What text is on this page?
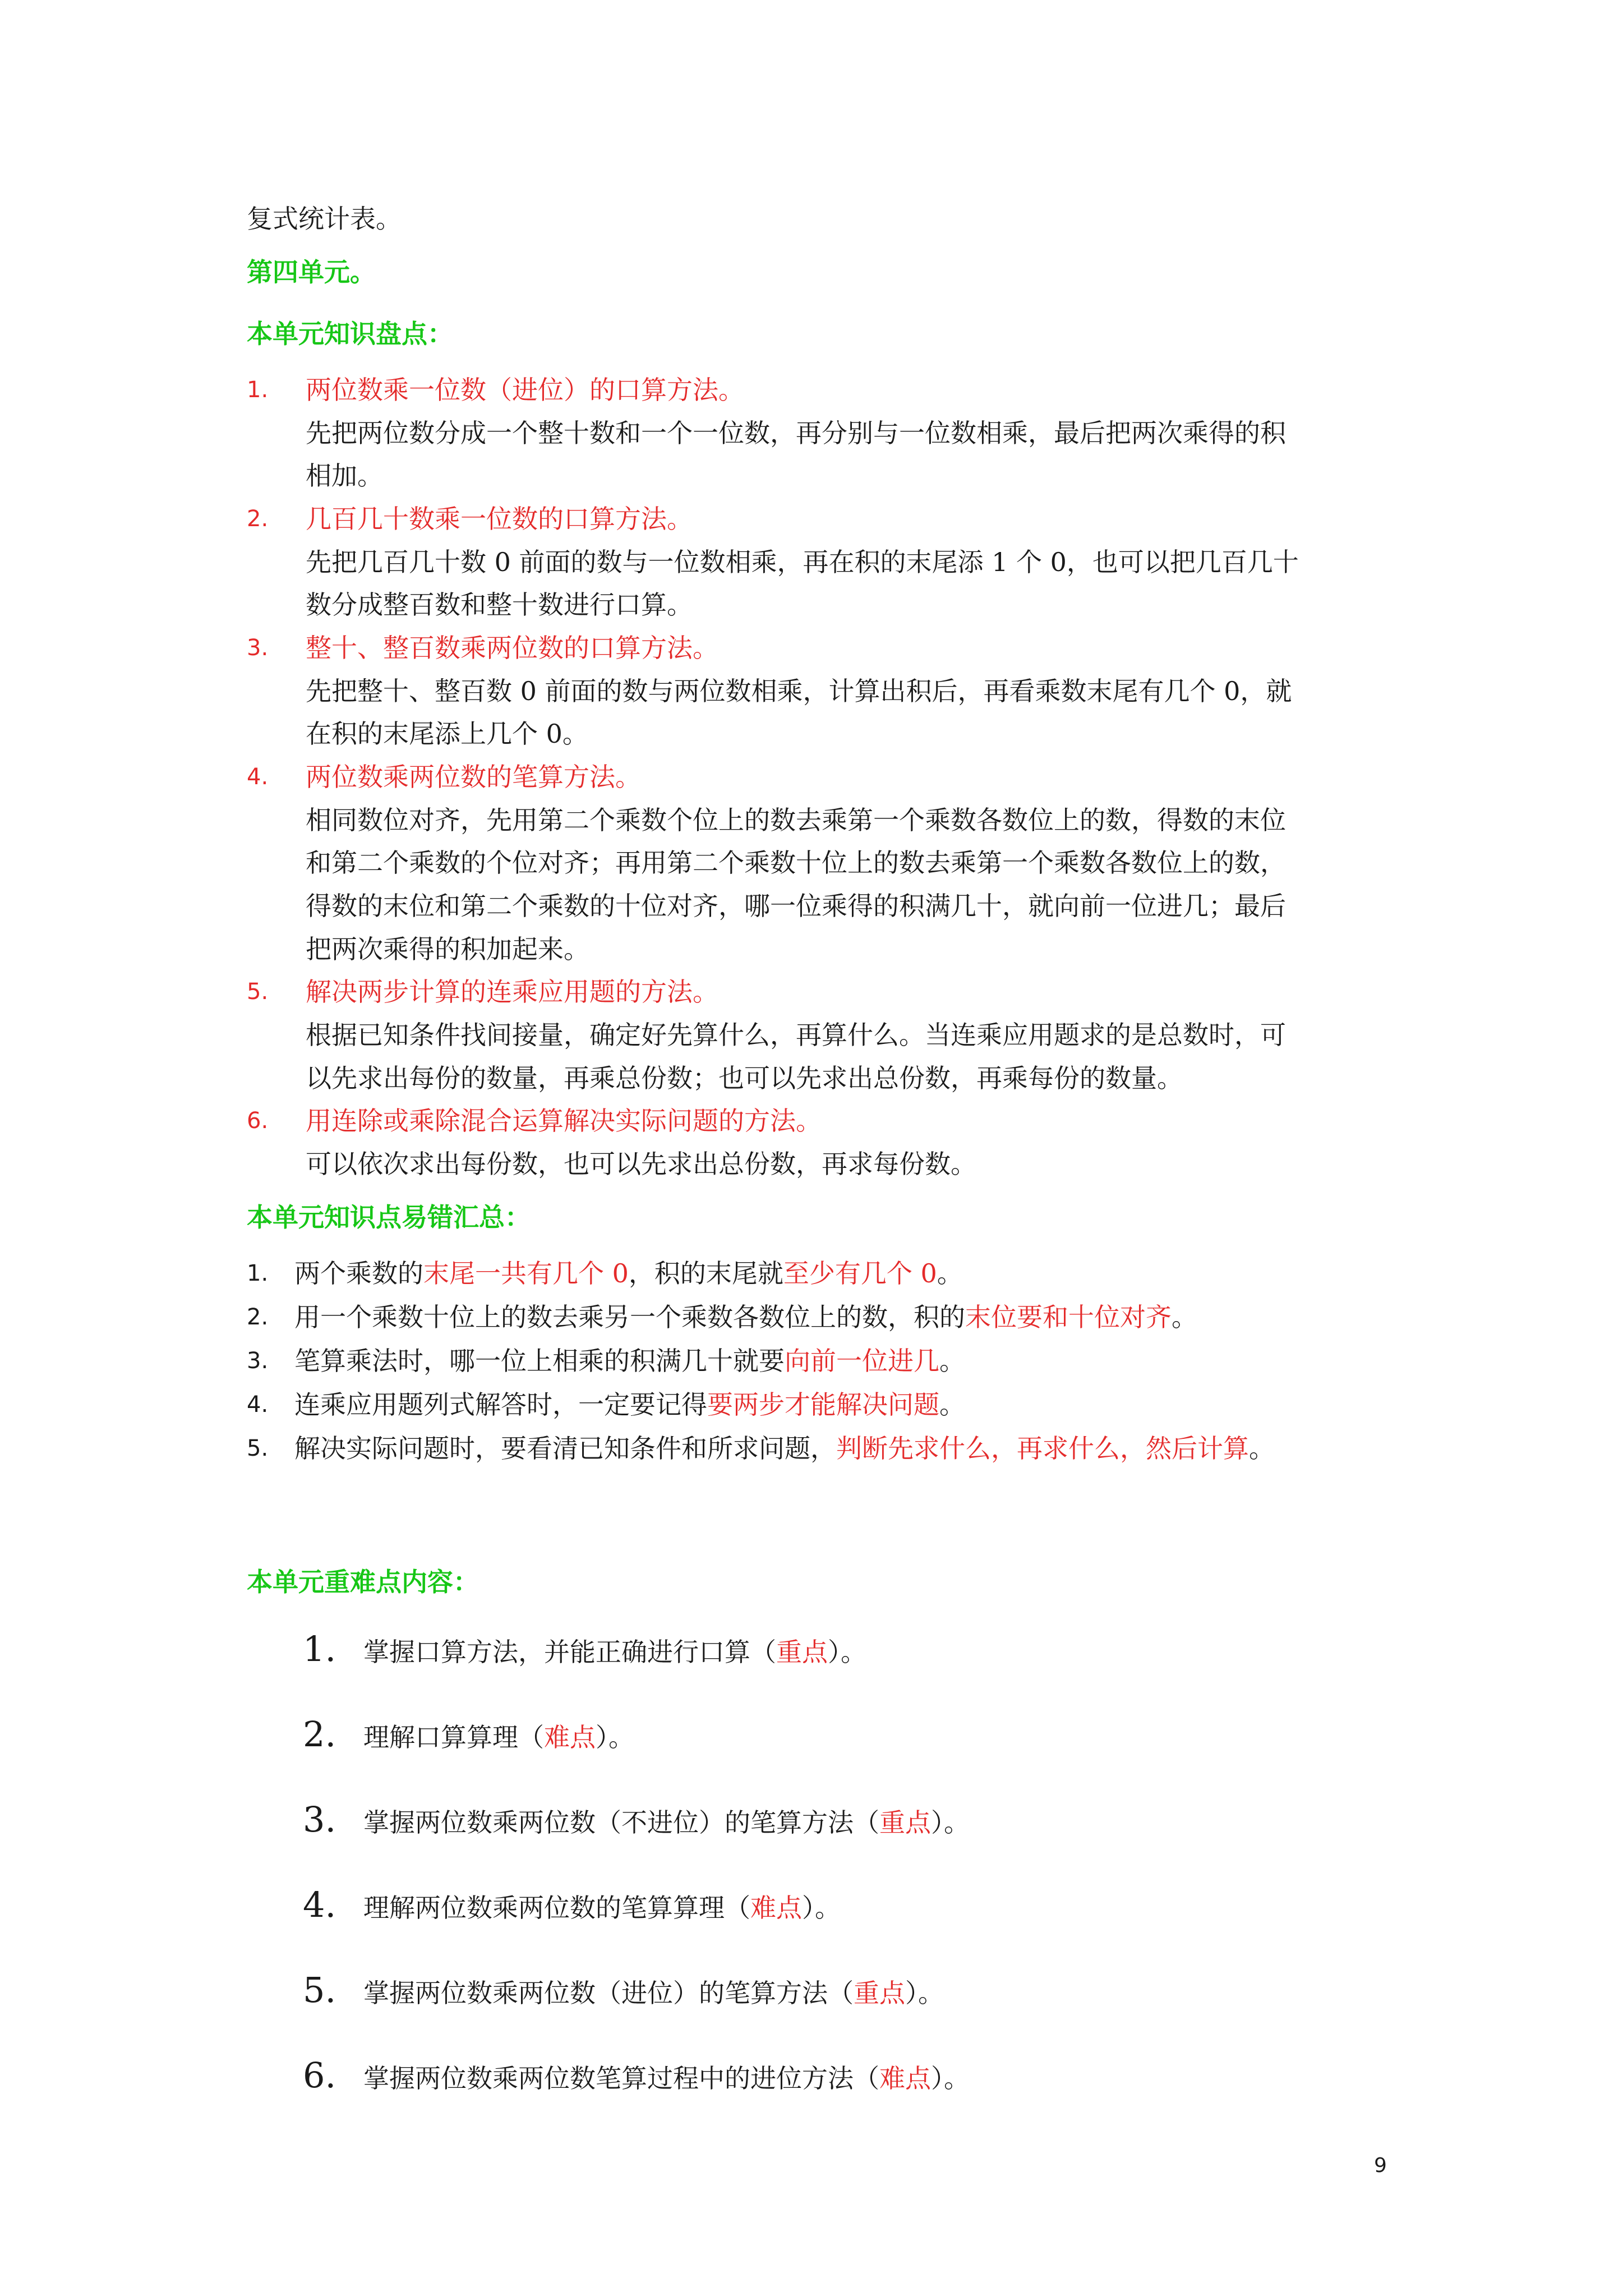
复式统计表。
第四单元。
本单元知识盘点：
1. 两位数乘一位数（进位）的口算方法。
先把两位数分成一个整十数和一个一位数，再分别与一位数相乘，最后把两次乘得的积
相加。
2. 几百几十数乘一位数的口算方法。
先把几百几十数 0 前面的数与一位数相乘，再在积的末尾添 1 个 0，也可以把几百几十
数分成整百数和整十数进行口算。
3. 整十、整百数乘两位数的口算方法。
先把整十、整百数 0 前面的数与两位数相乘，计算出积后，再看乘数末尾有几个 0，就
在积的末尾添上几个 0。
4. 两位数乘两位数的笔算方法。
相同数位对齐，先用第二个乘数个位上的数去乘第一个乘数各数位上的数，得数的末位
和第二个乘数的个位对齐；再用第二个乘数十位上的数去乘第一个乘数各数位上的数，
得数的末位和第二个乘数的十位对齐，哪一位乘得的积满几十，就向前一位进几；最后
把两次乘得的积加起来。
5. 解决两步计算的连乘应用题的方法。
根据已知条件找间接量，确定好先算什么，再算什么。当连乘应用题求的是总数时，可
以先求出每份的数量，再乘总份数；也可以先求出总份数，再乘每份的数量。
6. 用连除或乘除混合运算解决实际问题的方法。
可以依次求出每份数，也可以先求出总份数，再求每份数。
本单元知识点易错汇总：
1. 两个乘数的末尾一共有几个 0，积的末尾就至少有几个 0。
2. 用一个乘数十位上的数去乘另一个乘数各数位上的数，积的末位要和十位对齐。
3. 笔算乘法时，哪一位上相乘的积满几十就要向前一位进几。
4. 连乘应用题列式解答时，一定要记得要两步才能解决问题。
5. 解决实际问题时，要看清已知条件和所求问题，判断先求什么，再求什么，然后计算。
本单元重难点内容：
1. 掌握口算方法，并能正确进行口算（重点）。
2. 理解口算算理（难点）。
3. 掌握两位数乘两位数（不进位）的笔算方法（重点）。
4. 理解两位数乘两位数的笔算算理（难点）。
5. 掌握两位数乘两位数（进位）的笔算方法（重点）。
6. 掌握两位数乘两位数笔算过程中的进位方法（难点）。
9
